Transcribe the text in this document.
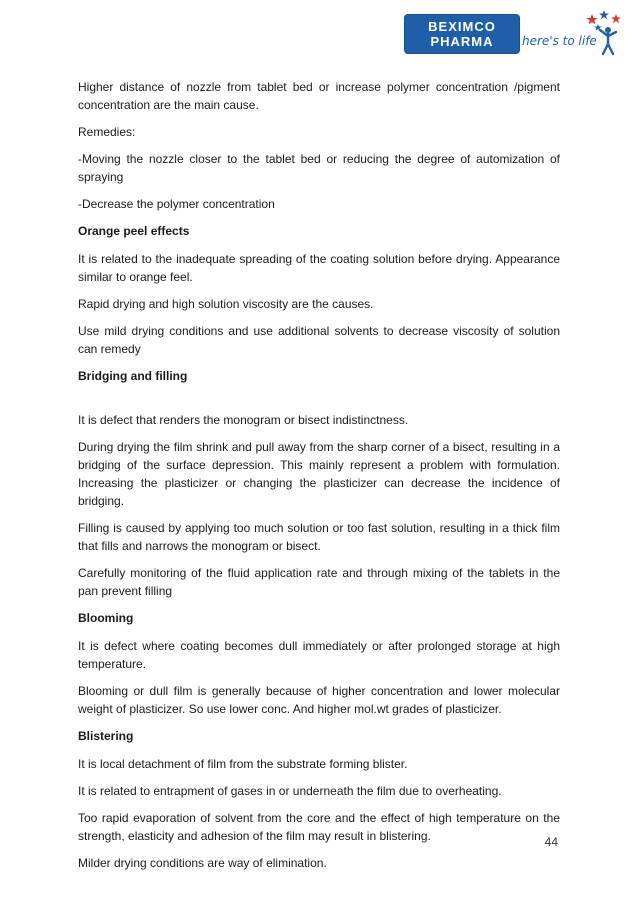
BEXIMCO
PHARMA	here's to life

Higher distance of nozzle from tablet bed or increase polymer concentration /pigment concentration are the main cause.

Remedies:

-Moving the nozzle closer to the tablet bed or reducing the degree of automization of spraying

-Decrease the polymer concentration

Orange peel effects

It is related to the inadequate spreading of the coating solution before drying. Appearance similar to orange feel.

Rapid drying and high solution viscosity are the causes.

Use mild drying conditions and use additional solvents to decrease viscosity of solution can remedy

Bridging and filling

It is defect that renders the monogram or bisect indistinctness.

During drying the film shrink and pull away from the sharp corner of a bisect, resulting in a bridging of the surface depression. This mainly represent a problem with formulation. Increasing the plasticizer or changing the plasticizer can decrease the incidence of bridging.

Filling is caused by applying too much solution or too fast solution, resulting in a thick film that fills and narrows the monogram or bisect.

Carefully monitoring of the fluid application rate and through mixing of the tablets in the pan prevent filling

Blooming

It is defect where coating becomes dull immediately or after prolonged storage at high temperature.

Blooming or dull film is generally because of higher concentration and lower molecular weight of plasticizer. So use lower conc. And higher mol.wt grades of plasticizer.

Blistering

It is local detachment of film from the substrate forming blister.

It is related to entrapment of gases in or underneath the film due to overheating.

Too rapid evaporation of solvent from the core and the effect of high temperature on the strength, elasticity and adhesion of the film may result in blistering.

Milder drying conditions are way of elimination.

44
